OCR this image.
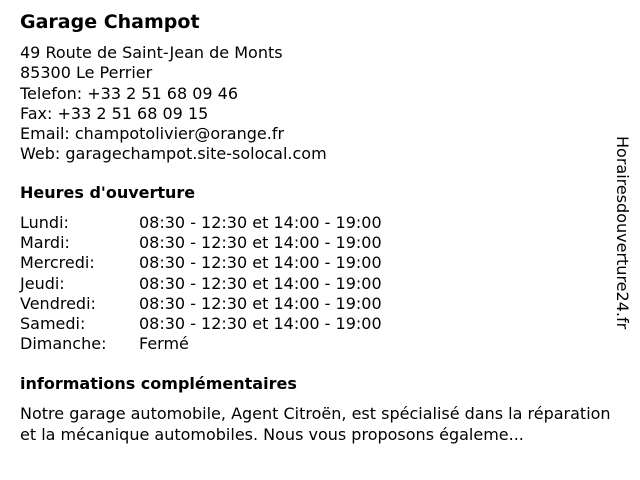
Garage Champot
49 Route de Saint-Jean de Monts
85300 Le Perrier
Telefon: +33 2 51 68 09 46
Fax: +33 2 51 68 09 15
Email: champotolivier@orange.fr
Web: garagechampot.site-solocal.com
Heures d'ouverture
Lundi:	08:30 - 12:30 et 14:00 - 19:00
Mardi:	08:30 - 12:30 et 14:00 - 19:00
Mercredi:	08:30 - 12:30 et 14:00 - 19:00
Jeudi:	08:30 - 12:30 et 14:00 - 19:00
Vendredi:	08:30 - 12:30 et 14:00 - 19:00
Samedi:	08:30 - 12:30 et 14:00 - 19:00
Dimanche:	Fermé
informations complémentaires

Notre garage automobile, Agent Citroën, est spécialisé dans la réparation et la mécanique automobiles. Nous vous proposons égaleme...

Horairesdouverture24.fr
